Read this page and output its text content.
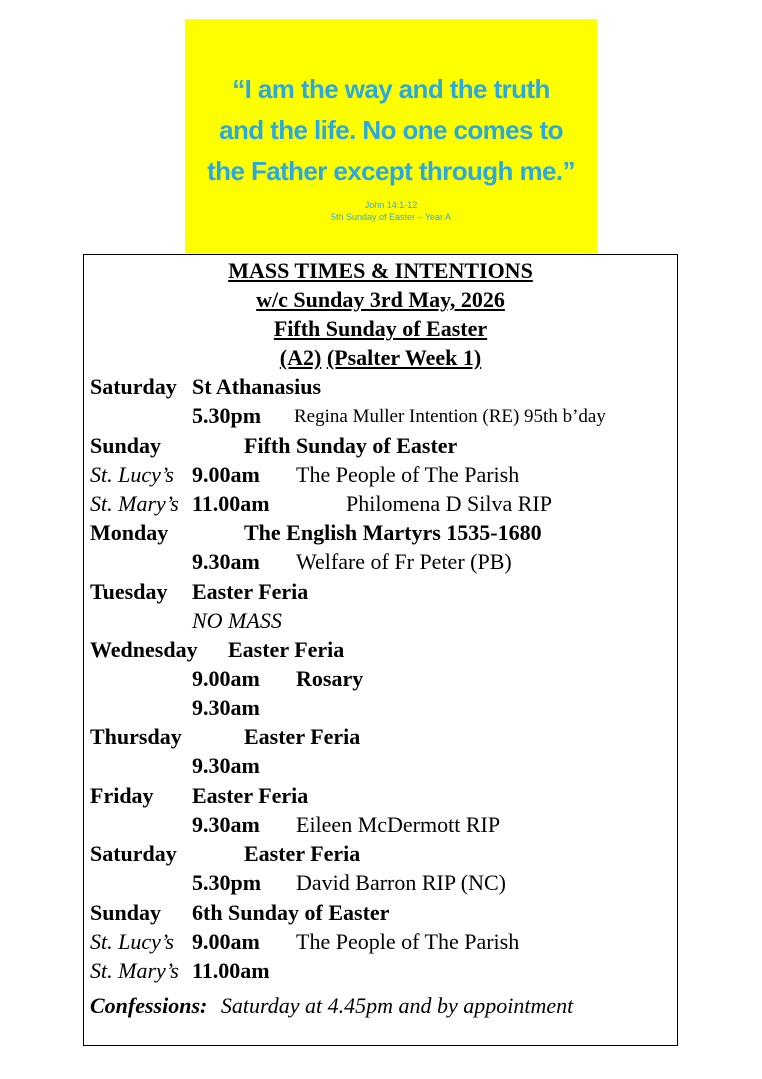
“I am the way and the truth
and the life. No one comes to
the Father except through me.”
John 14:1-12
5th Sunday of Easter – Year A
MASS TIMES & INTENTIONS
w/c Sunday 3rd May, 2026
Fifth Sunday of Easter
(A2) (Psalter Week 1)
Saturday St Athanasius
5.30pm Regina Muller Intention (RE) 95th b’day
Sunday	Fifth Sunday of Easter
St. Lucy’s 9.00am The People of The Parish
St. Mary’s 11.00am	Philomena D Silva RIP
Monday	The English Martyrs 1535-1680
9.30am Welfare of Fr Peter (PB)
Tuesday Easter Feria
NO MASS
Wednesday Easter Feria
9.00am Rosary
9.30am
Thursday	Easter Feria
9.30am
Friday Easter Feria
9.30am Eileen McDermott RIP
Saturday	Easter Feria
5.30pm David Barron RIP (NC)
Sunday 6th Sunday of Easter
St. Lucy’s 9.00am The People of The Parish
St. Mary’s 11.00am
Confessions: Saturday at 4.45pm and by appointment
